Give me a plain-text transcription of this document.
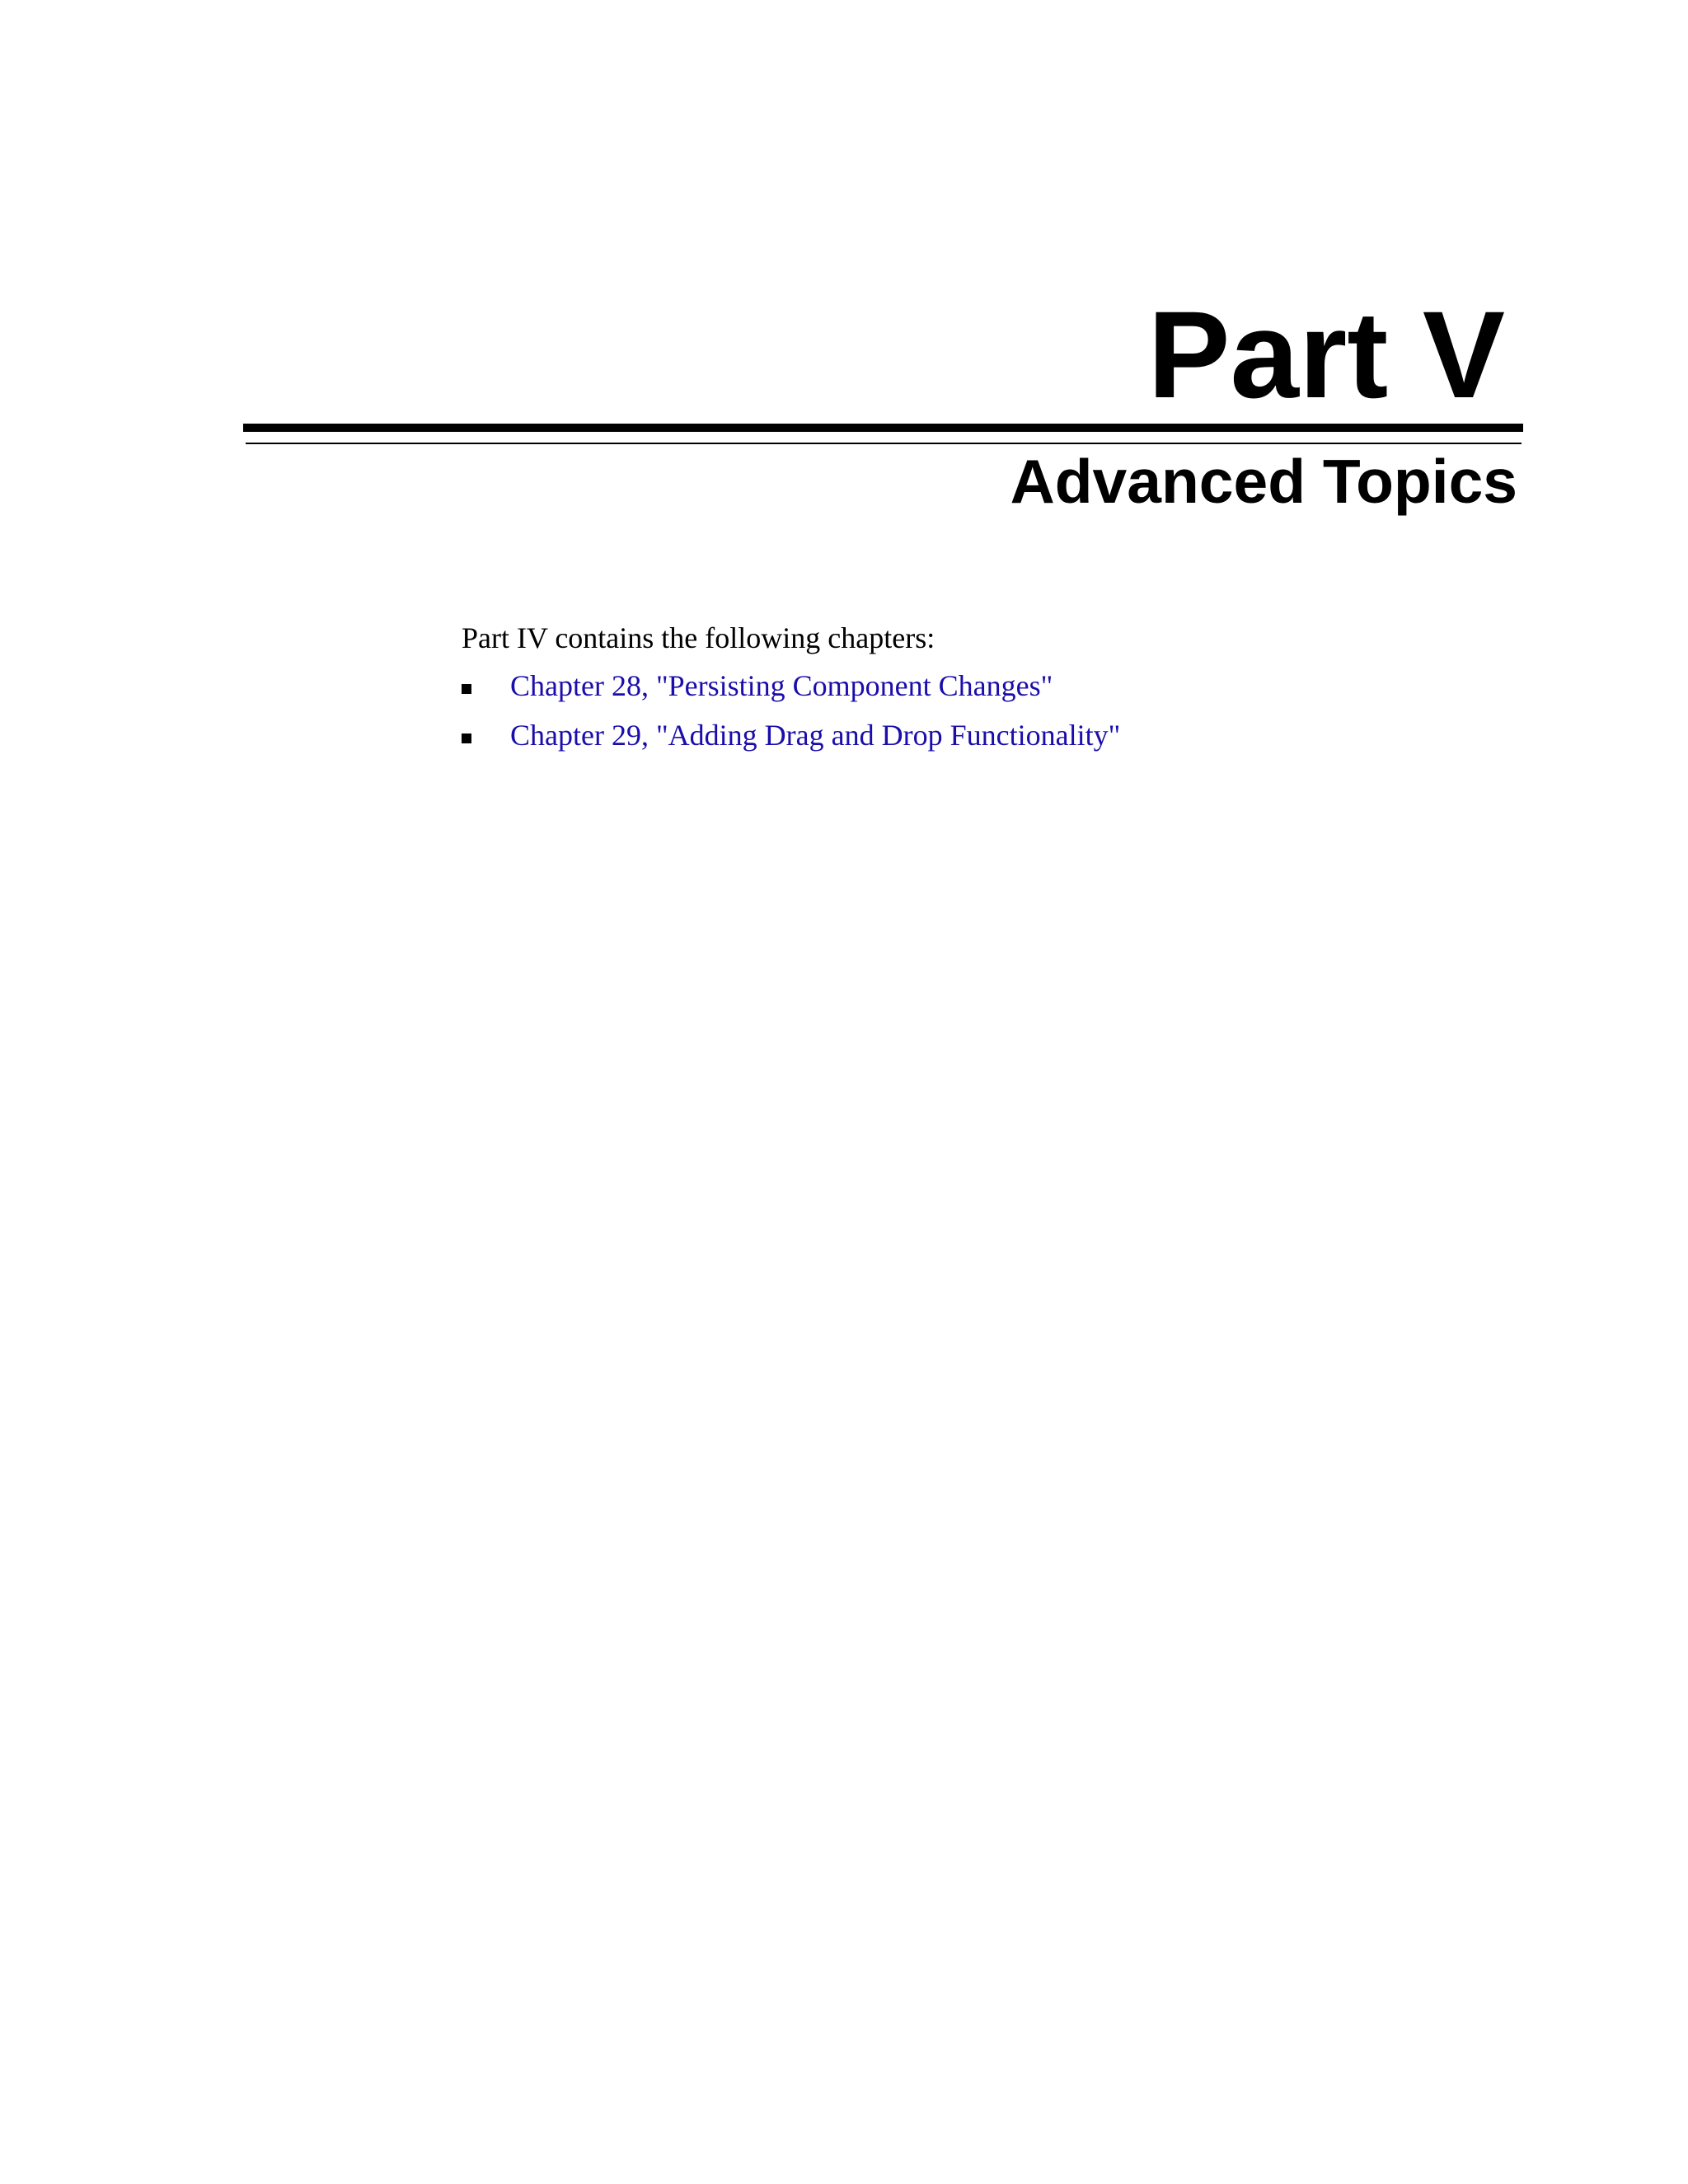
Part V
Advanced Topics

Part IV contains the following chapters:

Chapter 28, "Persisting Component Changes"
Chapter 29, "Adding Drag and Drop Functionality"
